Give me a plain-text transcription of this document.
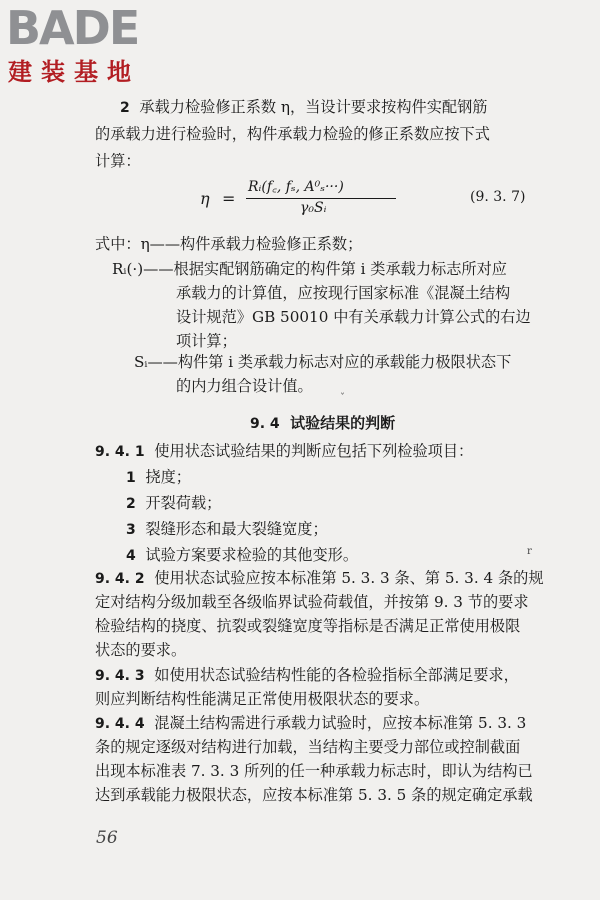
BADE
建装基地
2 承载力检验修正系数 η，当设计要求按构件实配钢筋
的承载力进行检验时，构件承载力检验的修正系数应按下式
计算：
η =
Rᵢ(f꜀, fₛ, A⁰ₛ···)
γ₀Sᵢ
(9. 3. 7)
式中：η——构件承载力检验修正系数；
Rᵢ(·)——根据实配钢筋确定的构件第 i 类承载力标志所对应
承载力的计算值，应按现行国家标准《混凝土结构
设计规范》GB 50010 中有关承载力计算公式的右边
项计算；
Sᵢ——构件第 i 类承载力标志对应的承载能力极限状态下
的内力组合设计值。
ˇ
9. 4 试验结果的判断
9. 4. 1 使用状态试验结果的判断应包括下列检验项目：
1 挠度；
2 开裂荷载；
3 裂缝形态和最大裂缝宽度；
4 试验方案要求检验的其他变形。	r
9. 4. 2 使用状态试验应按本标准第 5. 3. 3 条、第 5. 3. 4 条的规
定对结构分级加载至各级临界试验荷载值，并按第 9. 3 节的要求
检验结构的挠度、抗裂或裂缝宽度等指标是否满足正常使用极限
状态的要求。
9. 4. 3 如使用状态试验结构性能的各检验指标全部满足要求，
则应判断结构性能满足正常使用极限状态的要求。
9. 4. 4 混凝土结构需进行承载力试验时，应按本标准第 5. 3. 3
条的规定逐级对结构进行加载，当结构主要受力部位或控制截面
出现本标准表 7. 3. 3 所列的任一种承载力标志时，即认为结构已
达到承载能力极限状态，应按本标准第 5. 3. 5 条的规定确定承载
56
